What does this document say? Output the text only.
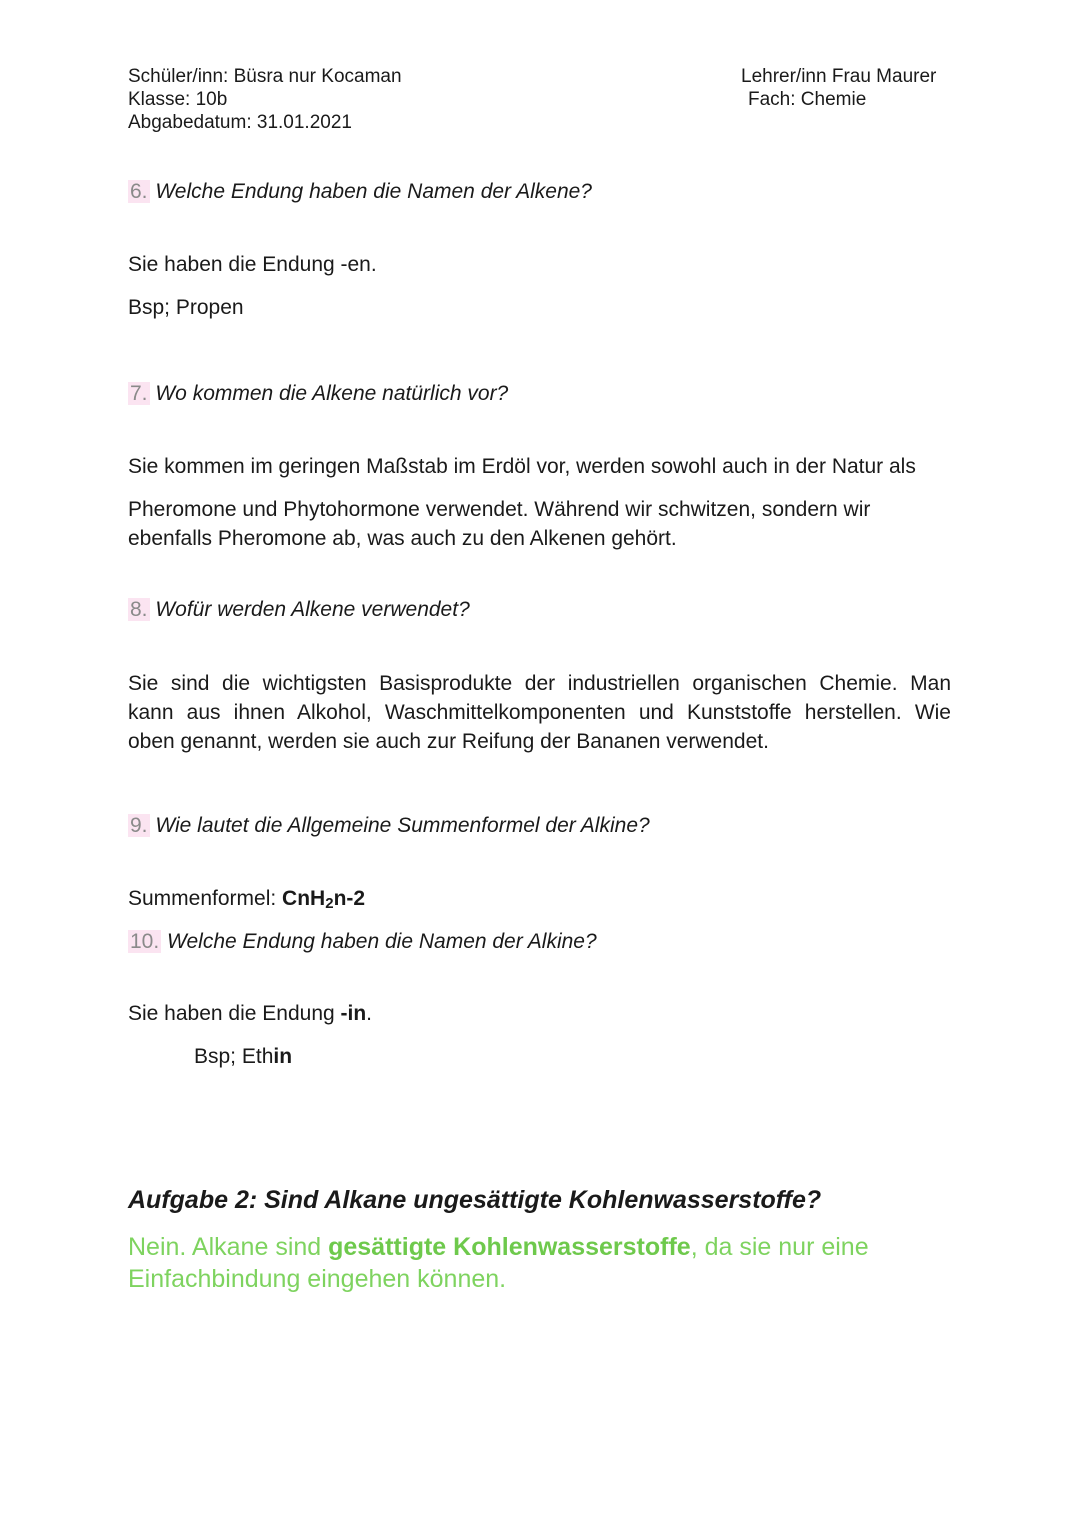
Schüler/inn: Büsra nur Kocaman
Klasse: 10b
Abgabedatum: 31.01.2021
Lehrer/inn Frau Maurer
Fach: Chemie
6. Welche Endung haben die Namen der Alkene?
Sie haben die Endung -en.
Bsp; Propen
7. Wo kommen die Alkene natürlich vor?
Sie kommen im geringen Maßstab im Erdöl vor, werden sowohl auch in der Natur als
Pheromone und Phytohormone verwendet. Während wir schwitzen, sondern wir
ebenfalls Pheromone ab, was auch zu den Alkenen gehört.
8. Wofür werden Alkene verwendet?
Sie sind die wichtigsten Basisprodukte der industriellen organischen Chemie. Man
kann aus ihnen Alkohol, Waschmittelkomponenten und Kunststoffe herstellen. Wie
oben genannt, werden sie auch zur Reifung der Bananen verwendet.
9. Wie lautet die Allgemeine Summenformel der Alkine?
Summenformel: CnH2n-2
10. Welche Endung haben die Namen der Alkine?
Sie haben die Endung -in.
Bsp; Ethin
Aufgabe 2: Sind Alkane ungesättigte Kohlenwasserstoffe?
Nein. Alkane sind gesättigte Kohlenwasserstoffe, da sie nur eine
Einfachbindung eingehen können.
